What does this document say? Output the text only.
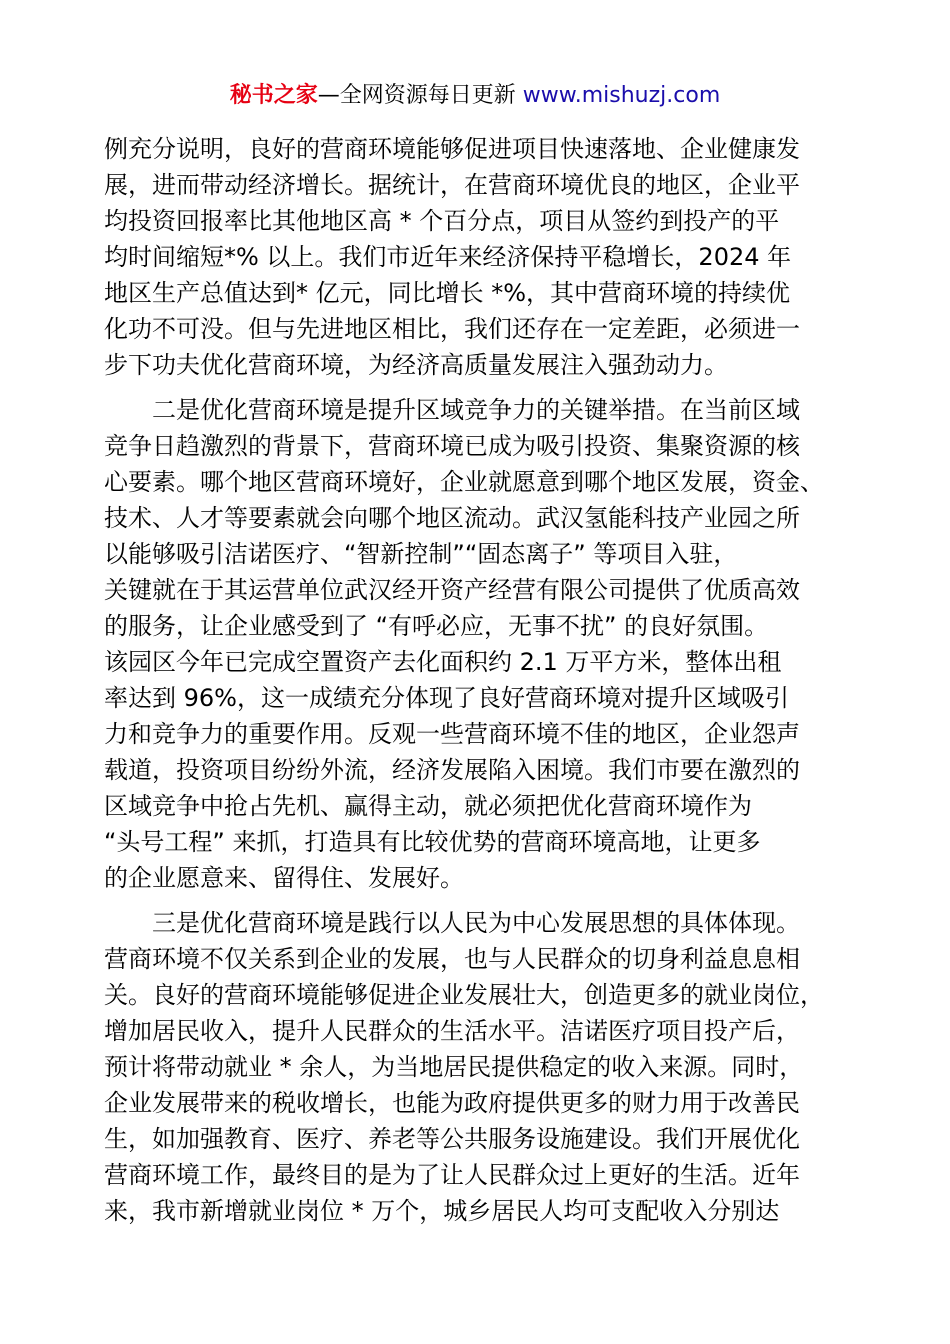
秘书之家—全网资源每日更新 www.mishuzj.com
例充分说明，良好的营商环境能够促进项目快速落地、企业健康发
展，进而带动经济增长。据统计，在营商环境优良的地区，企业平
均投资回报率比其他地区高 * 个百分点，项目从签约到投产的平
均时间缩短*% 以上。我们市近年来经济保持平稳增长，2024 年
地区生产总值达到* 亿元，同比增长 *%，其中营商环境的持续优
化功不可没。但与先进地区相比，我们还存在一定差距，必须进一
步下功夫优化营商环境，为经济高质量发展注入强劲动力。
　　二是优化营商环境是提升区域竞争力的关键举措。在当前区域
竞争日趋激烈的背景下，营商环境已成为吸引投资、集聚资源的核
心要素。哪个地区营商环境好，企业就愿意到哪个地区发展，资金、
技术、人才等要素就会向哪个地区流动。武汉氢能科技产业园之所
以能够吸引洁诺医疗、“智新控制”“固态离子” 等项目入驻，
关键就在于其运营单位武汉经开资产经营有限公司提供了优质高效
的服务，让企业感受到了 “有呼必应，无事不扰” 的良好氛围。
该园区今年已完成空置资产去化面积约 2.1 万平方米，整体出租
率达到 96%，这一成绩充分体现了良好营商环境对提升区域吸引
力和竞争力的重要作用。反观一些营商环境不佳的地区，企业怨声
载道，投资项目纷纷外流，经济发展陷入困境。我们市要在激烈的
区域竞争中抢占先机、赢得主动，就必须把优化营商环境作为
“头号工程” 来抓，打造具有比较优势的营商环境高地，让更多
的企业愿意来、留得住、发展好。
　　三是优化营商环境是践行以人民为中心发展思想的具体体现。
营商环境不仅关系到企业的发展，也与人民群众的切身利益息息相
关。良好的营商环境能够促进企业发展壮大，创造更多的就业岗位，
增加居民收入，提升人民群众的生活水平。洁诺医疗项目投产后，
预计将带动就业 * 余人，为当地居民提供稳定的收入来源。同时，
企业发展带来的税收增长，也能为政府提供更多的财力用于改善民
生，如加强教育、医疗、养老等公共服务设施建设。我们开展优化
营商环境工作，最终目的是为了让人民群众过上更好的生活。近年
来，我市新增就业岗位 * 万个，城乡居民人均可支配收入分别达
